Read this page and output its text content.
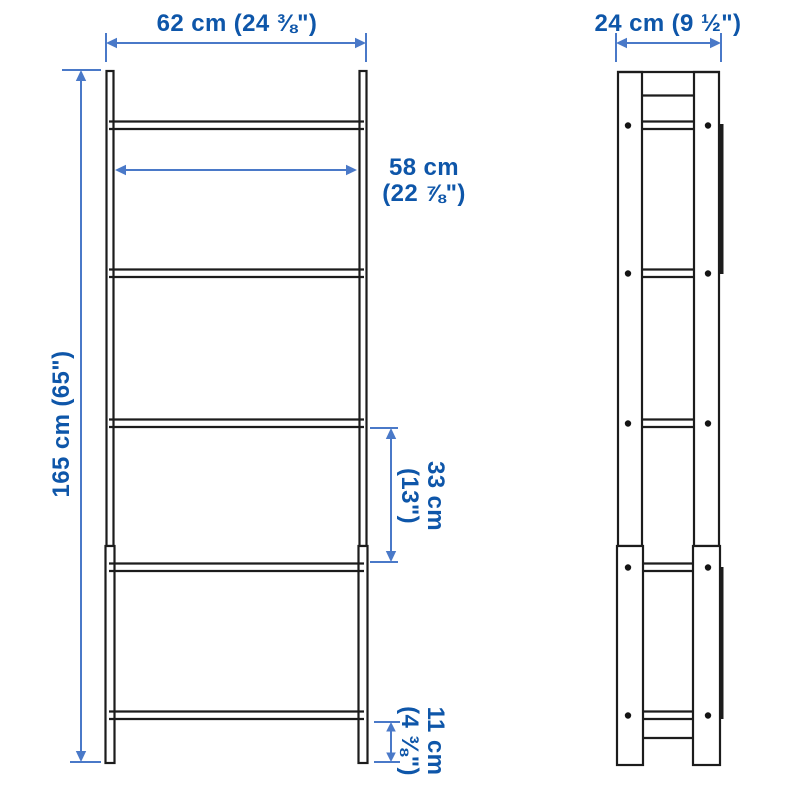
62 cm (24 ⅜")	24 cm (9 ½")
58 cm
(22 ⅞")
165 cm (65")	33 cm
(13")
11 cm
(4 ⅜")
